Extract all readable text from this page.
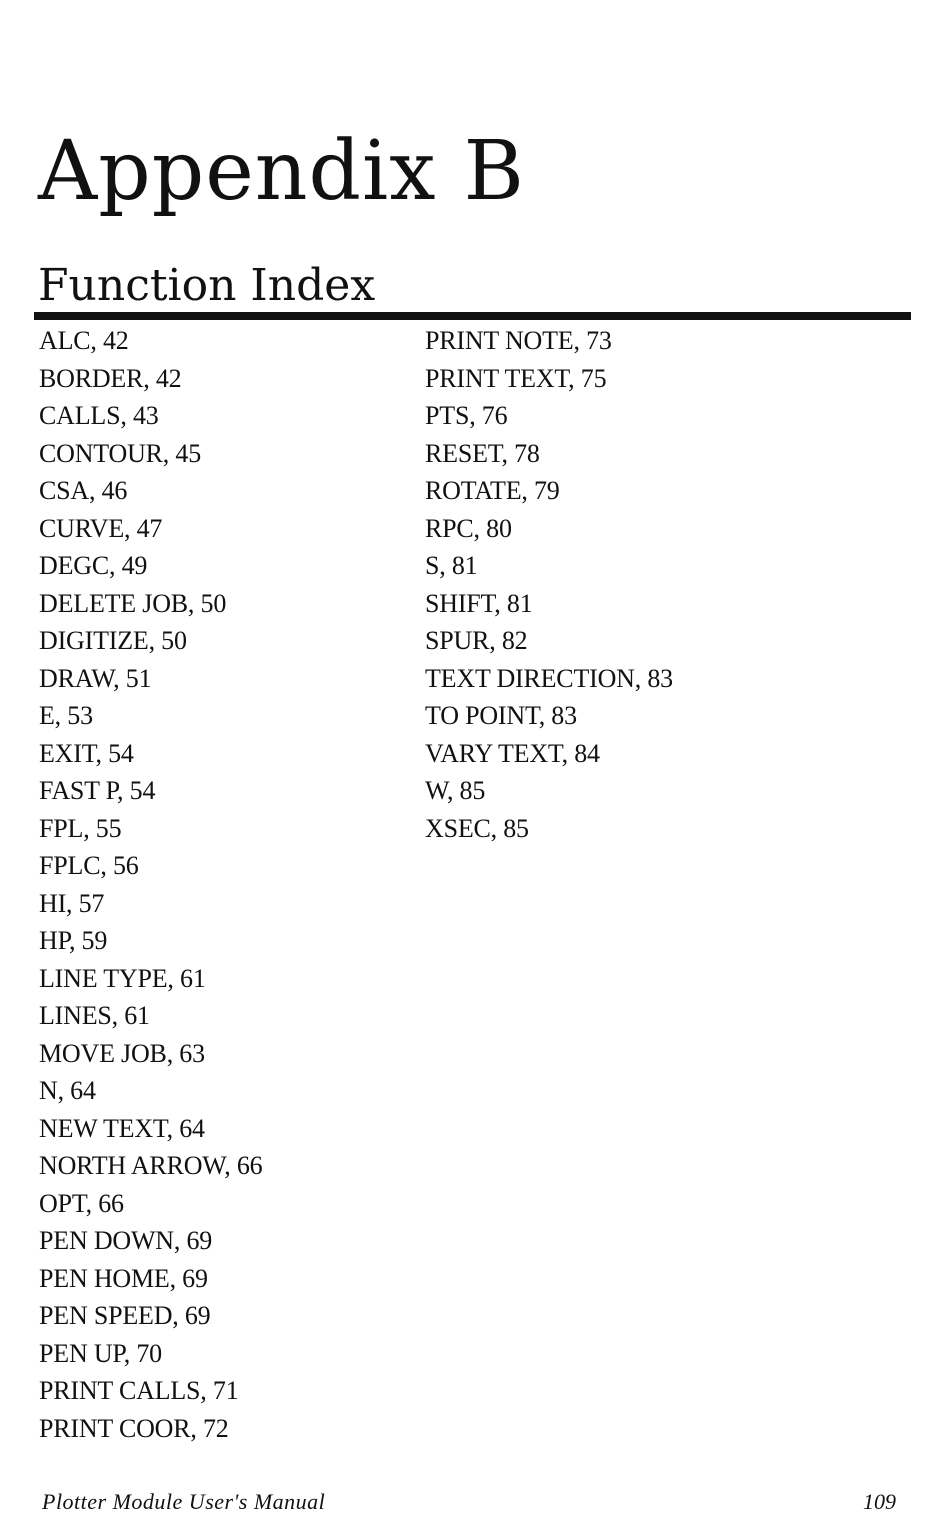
Appendix B
Function Index
ALC, 42
BORDER, 42
CALLS, 43
CONTOUR, 45
CSA, 46
CURVE, 47
DEGC, 49
DELETE JOB, 50
DIGITIZE, 50
DRAW, 51
E, 53
EXIT, 54
FAST P, 54
FPL, 55
FPLC, 56
HI, 57
HP, 59
LINE TYPE, 61
LINES, 61
MOVE JOB, 63
N, 64
NEW TEXT, 64
NORTH ARROW, 66
OPT, 66
PEN DOWN, 69
PEN HOME, 69
PEN SPEED, 69
PEN UP, 70
PRINT CALLS, 71
PRINT COOR, 72
PRINT NOTE, 73
PRINT TEXT, 75
PTS, 76
RESET, 78
ROTATE, 79
RPC, 80
S, 81
SHIFT, 81
SPUR, 82
TEXT DIRECTION, 83
TO POINT, 83
VARY TEXT, 84
W, 85
XSEC, 85
Plotter Module User's Manual	109
